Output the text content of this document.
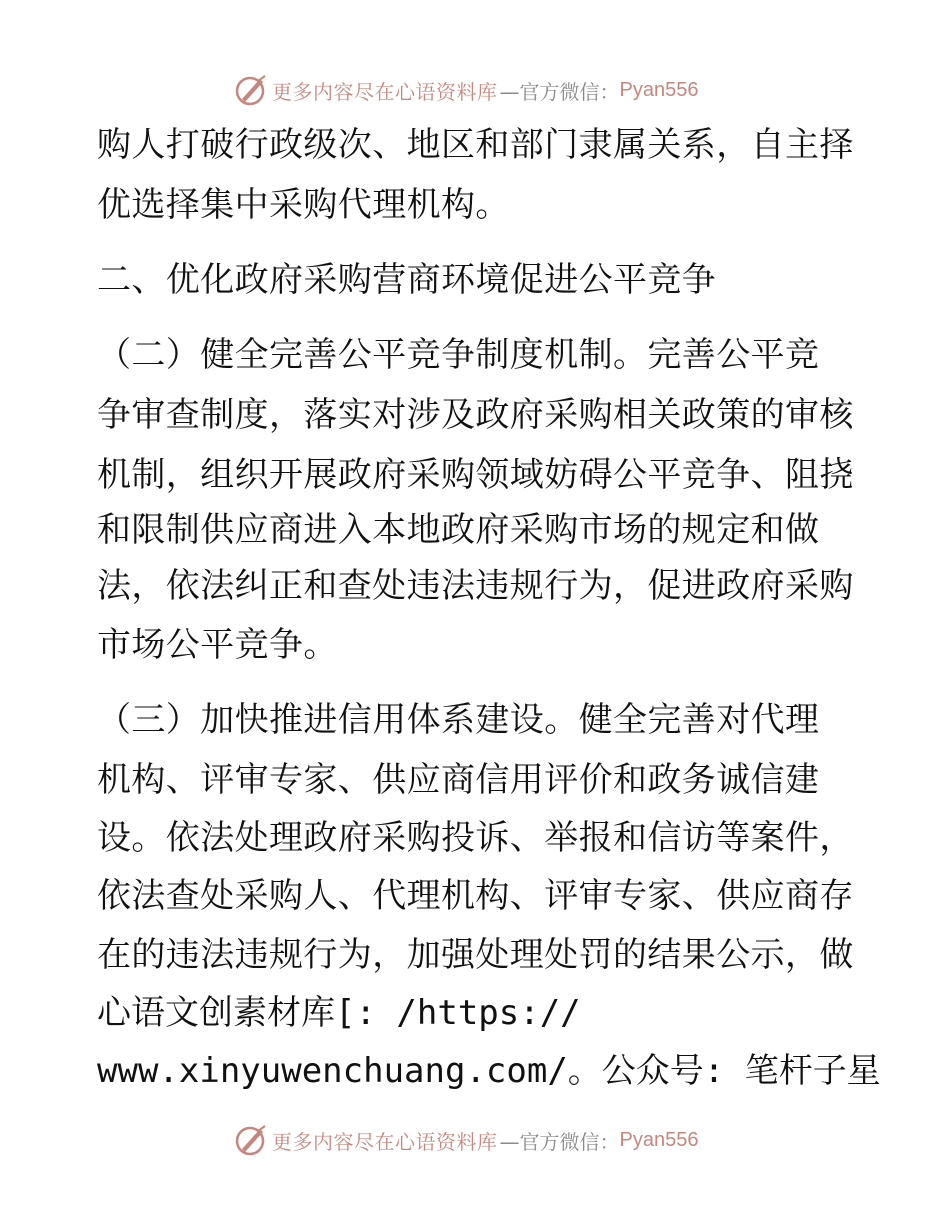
更多内容尽在心语资料库 —官方微信： Pyan556
购人打破行政级次、地区和部门隶属关系，自主择
优选择集中采购代理机构。
二、优化政府采购营商环境促进公平竞争
（二）健全完善公平竞争制度机制。完善公平竞
争审查制度，落实对涉及政府采购相关政策的审核
机制，组织开展政府采购领域妨碍公平竞争、阻挠
和限制供应商进入本地政府采购市场的规定和做
法，依法纠正和查处违法违规行为，促进政府采购
市场公平竞争。
（三）加快推进信用体系建设。健全完善对代理
机构、评审专家、供应商信用评价和政务诚信建
设。依法处理政府采购投诉、举报和信访等案件，
依法查处采购人、代理机构、评审专家、供应商存
在的违法违规行为，加强处理处罚的结果公示，做
心语文创素材库[: /https://
www.xinyuwenchuang.com/。公众号: 笔杆子星
更多内容尽在心语资料库 —官方微信： Pyan556
